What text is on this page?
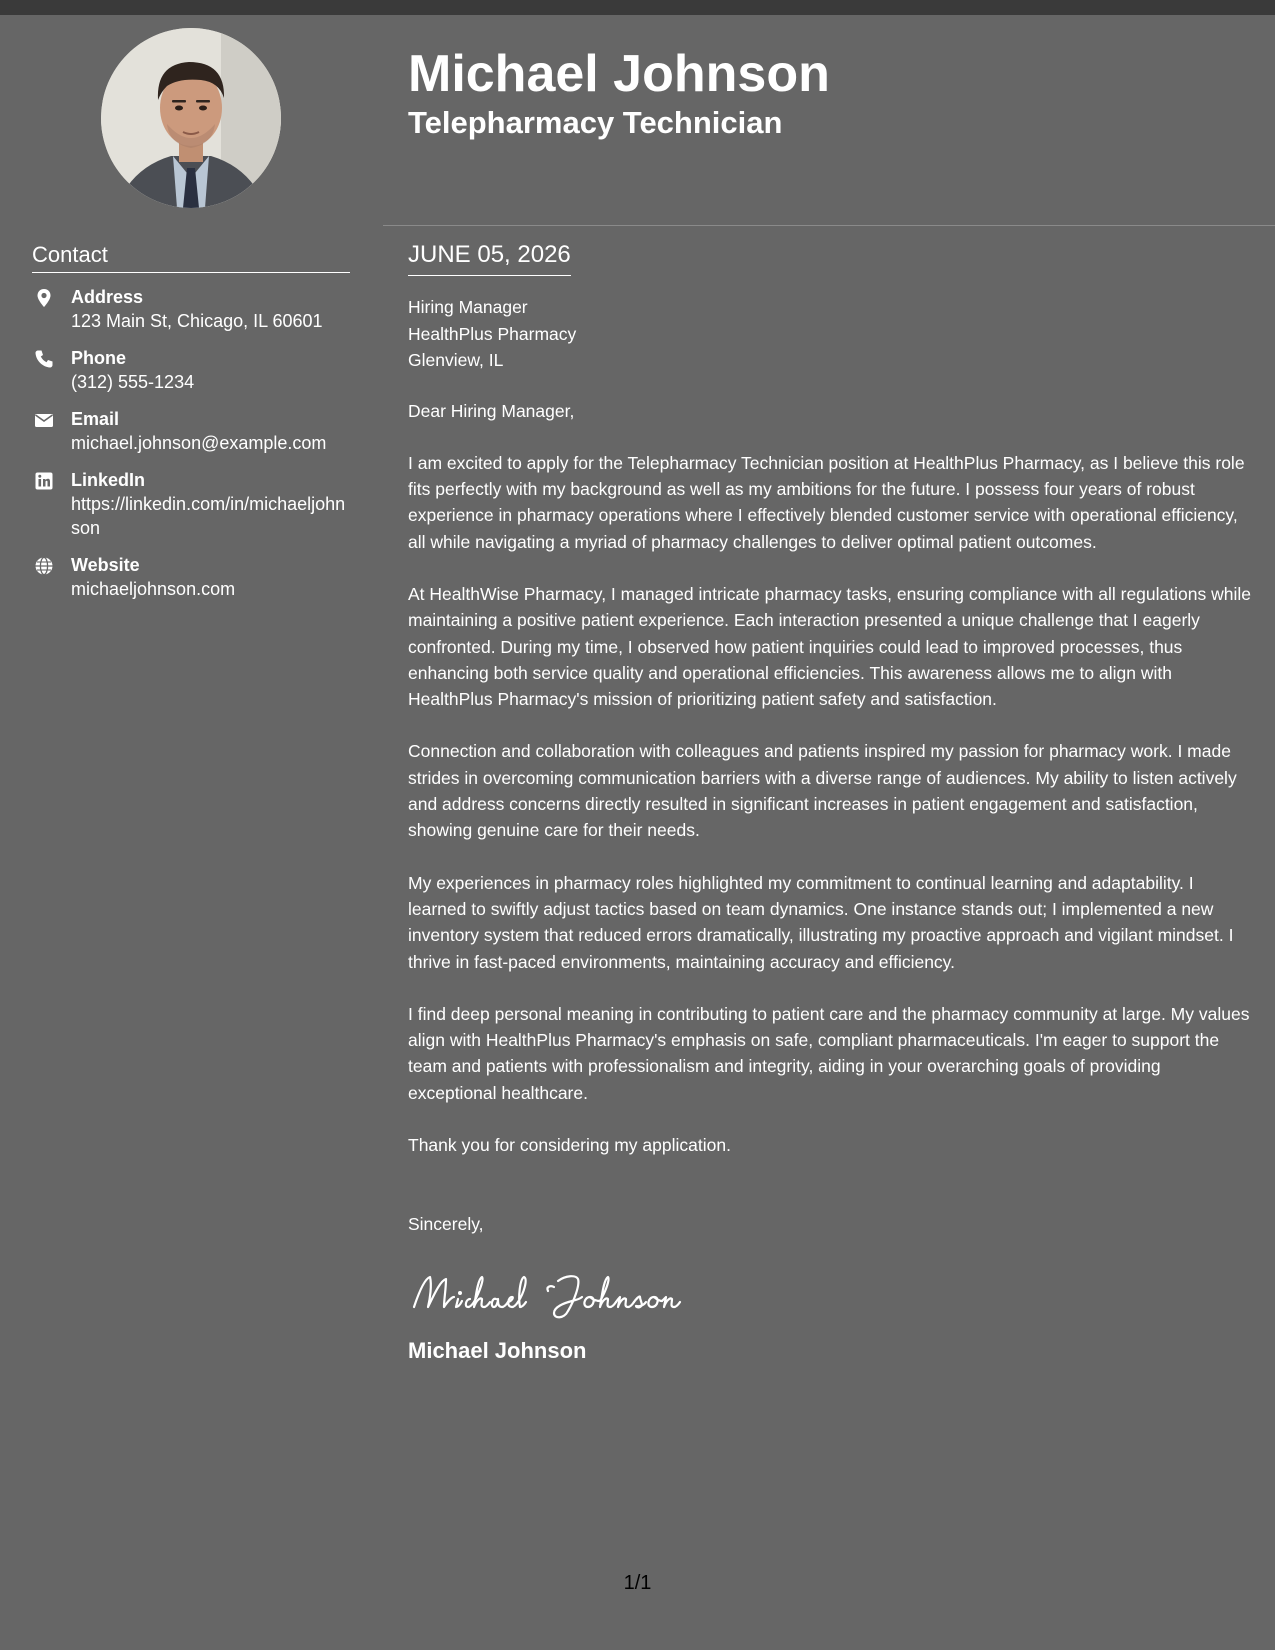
Contact
Address
123 Main St, Chicago, IL 60601
Phone
(312) 555-1234
Email
michael.johnson@example.com
LinkedIn
https://linkedin.com/in/michaeljohnson
Website
michaeljohnson.com
Michael Johnson
Telepharmacy Technician
JUNE 05, 2026
Hiring Manager
HealthPlus Pharmacy
Glenview, IL

Dear Hiring Manager,

I am excited to apply for the Telepharmacy Technician position at HealthPlus Pharmacy, as I believe this role fits perfectly with my background as well as my ambitions for the future. I possess four years of robust experience in pharmacy operations where I effectively blended customer service with operational efficiency, all while navigating a myriad of pharmacy challenges to deliver optimal patient outcomes.

At HealthWise Pharmacy, I managed intricate pharmacy tasks, ensuring compliance with all regulations while maintaining a positive patient experience. Each interaction presented a unique challenge that I eagerly confronted. During my time, I observed how patient inquiries could lead to improved processes, thus enhancing both service quality and operational efficiencies. This awareness allows me to align with HealthPlus Pharmacy's mission of prioritizing patient safety and satisfaction.

Connection and collaboration with colleagues and patients inspired my passion for pharmacy work. I made strides in overcoming communication barriers with a diverse range of audiences. My ability to listen actively and address concerns directly resulted in significant increases in patient engagement and satisfaction, showing genuine care for their needs.

My experiences in pharmacy roles highlighted my commitment to continual learning and adaptability. I learned to swiftly adjust tactics based on team dynamics. One instance stands out; I implemented a new inventory system that reduced errors dramatically, illustrating my proactive approach and vigilant mindset. I thrive in fast-paced environments, maintaining accuracy and efficiency.

I find deep personal meaning in contributing to patient care and the pharmacy community at large. My values align with HealthPlus Pharmacy's emphasis on safe, compliant pharmaceuticals. I'm eager to support the team and patients with professionalism and integrity, aiding in your overarching goals of providing exceptional healthcare.

Thank you for considering my application.

Sincerely,
Michael Johnson
1/1
